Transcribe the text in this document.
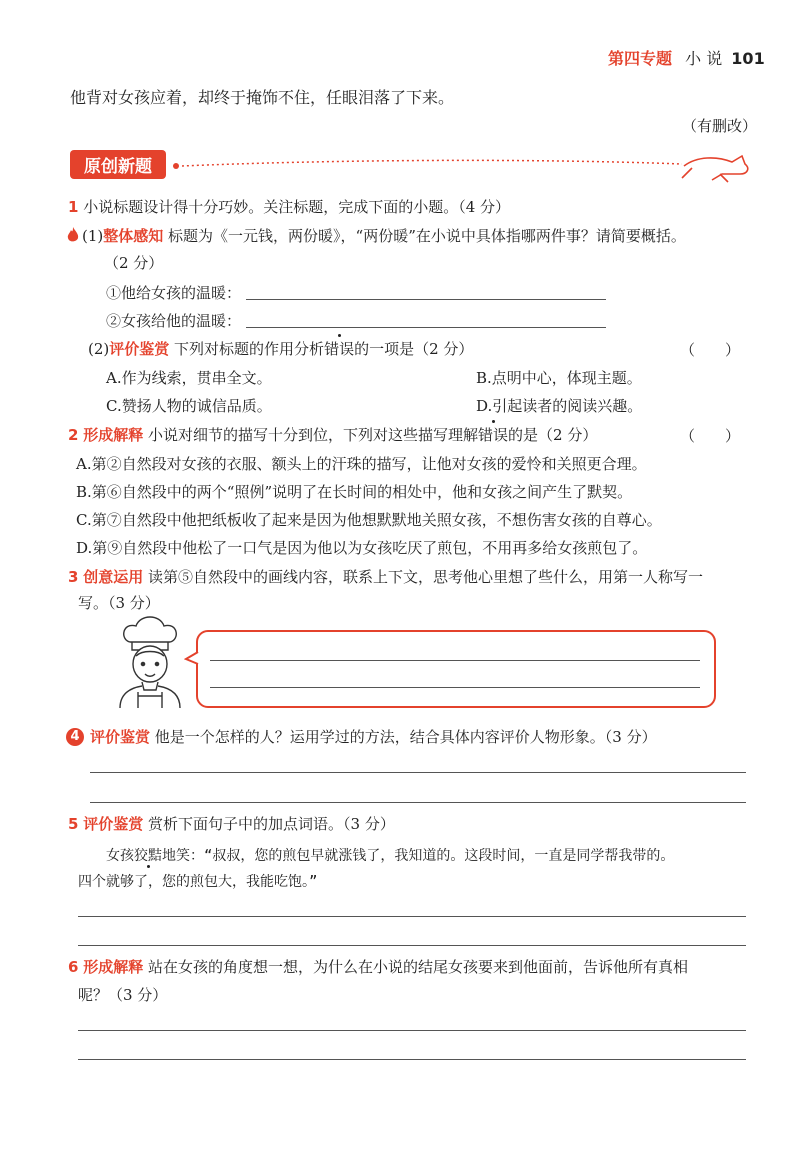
第四专题 小 说 101
他背对女孩应着，却终于掩饰不住，任眼泪落了下来。
（有删改）
原创新题
1 小说标题设计得十分巧妙。关注标题，完成下面的小题。（4 分）
(1)整体感知 标题为《一元钱，两份暖》，“两份暖”在小说中具体指哪两件事？请简要概括。
（2 分）
①他给女孩的温暖：
②女孩给他的温暖：
(2)评价鉴赏 下列对标题的作用分析错误的一项是（2 分）	（　　）
A.作为线索，贯串全文。	B.点明中心，体现主题。
C.赞扬人物的诚信品质。	D.引起读者的阅读兴趣。
2 形成解释 小说对细节的描写十分到位，下列对这些描写理解错误的是（2 分）	（　　）
A.第②自然段对女孩的衣服、额头上的汗珠的描写，让他对女孩的爱怜和关照更合理。
B.第⑥自然段中的两个“照例”说明了在长时间的相处中，他和女孩之间产生了默契。
C.第⑦自然段中他把纸板收了起来是因为他想默默地关照女孩，不想伤害女孩的自尊心。
D.第⑨自然段中他松了一口气是因为他以为女孩吃厌了煎包，不用再多给女孩煎包了。
3 创意运用 读第⑤自然段中的画线内容，联系上下文，思考他心里想了些什么，用第一人称写一
写。（3 分）
4 评价鉴赏 他是一个怎样的人？运用学过的方法，结合具体内容评价人物形象。（3 分）
5 评价鉴赏 赏析下面句子中的加点词语。（3 分）
女孩狡黠地笑：“叔叔，您的煎包早就涨钱了，我知道的。这段时间，一直是同学帮我带的。
四个就够了，您的煎包大，我能吃饱。”
6 形成解释 站在女孩的角度想一想，为什么在小说的结尾女孩要来到他面前，告诉他所有真相
呢？（3 分）
